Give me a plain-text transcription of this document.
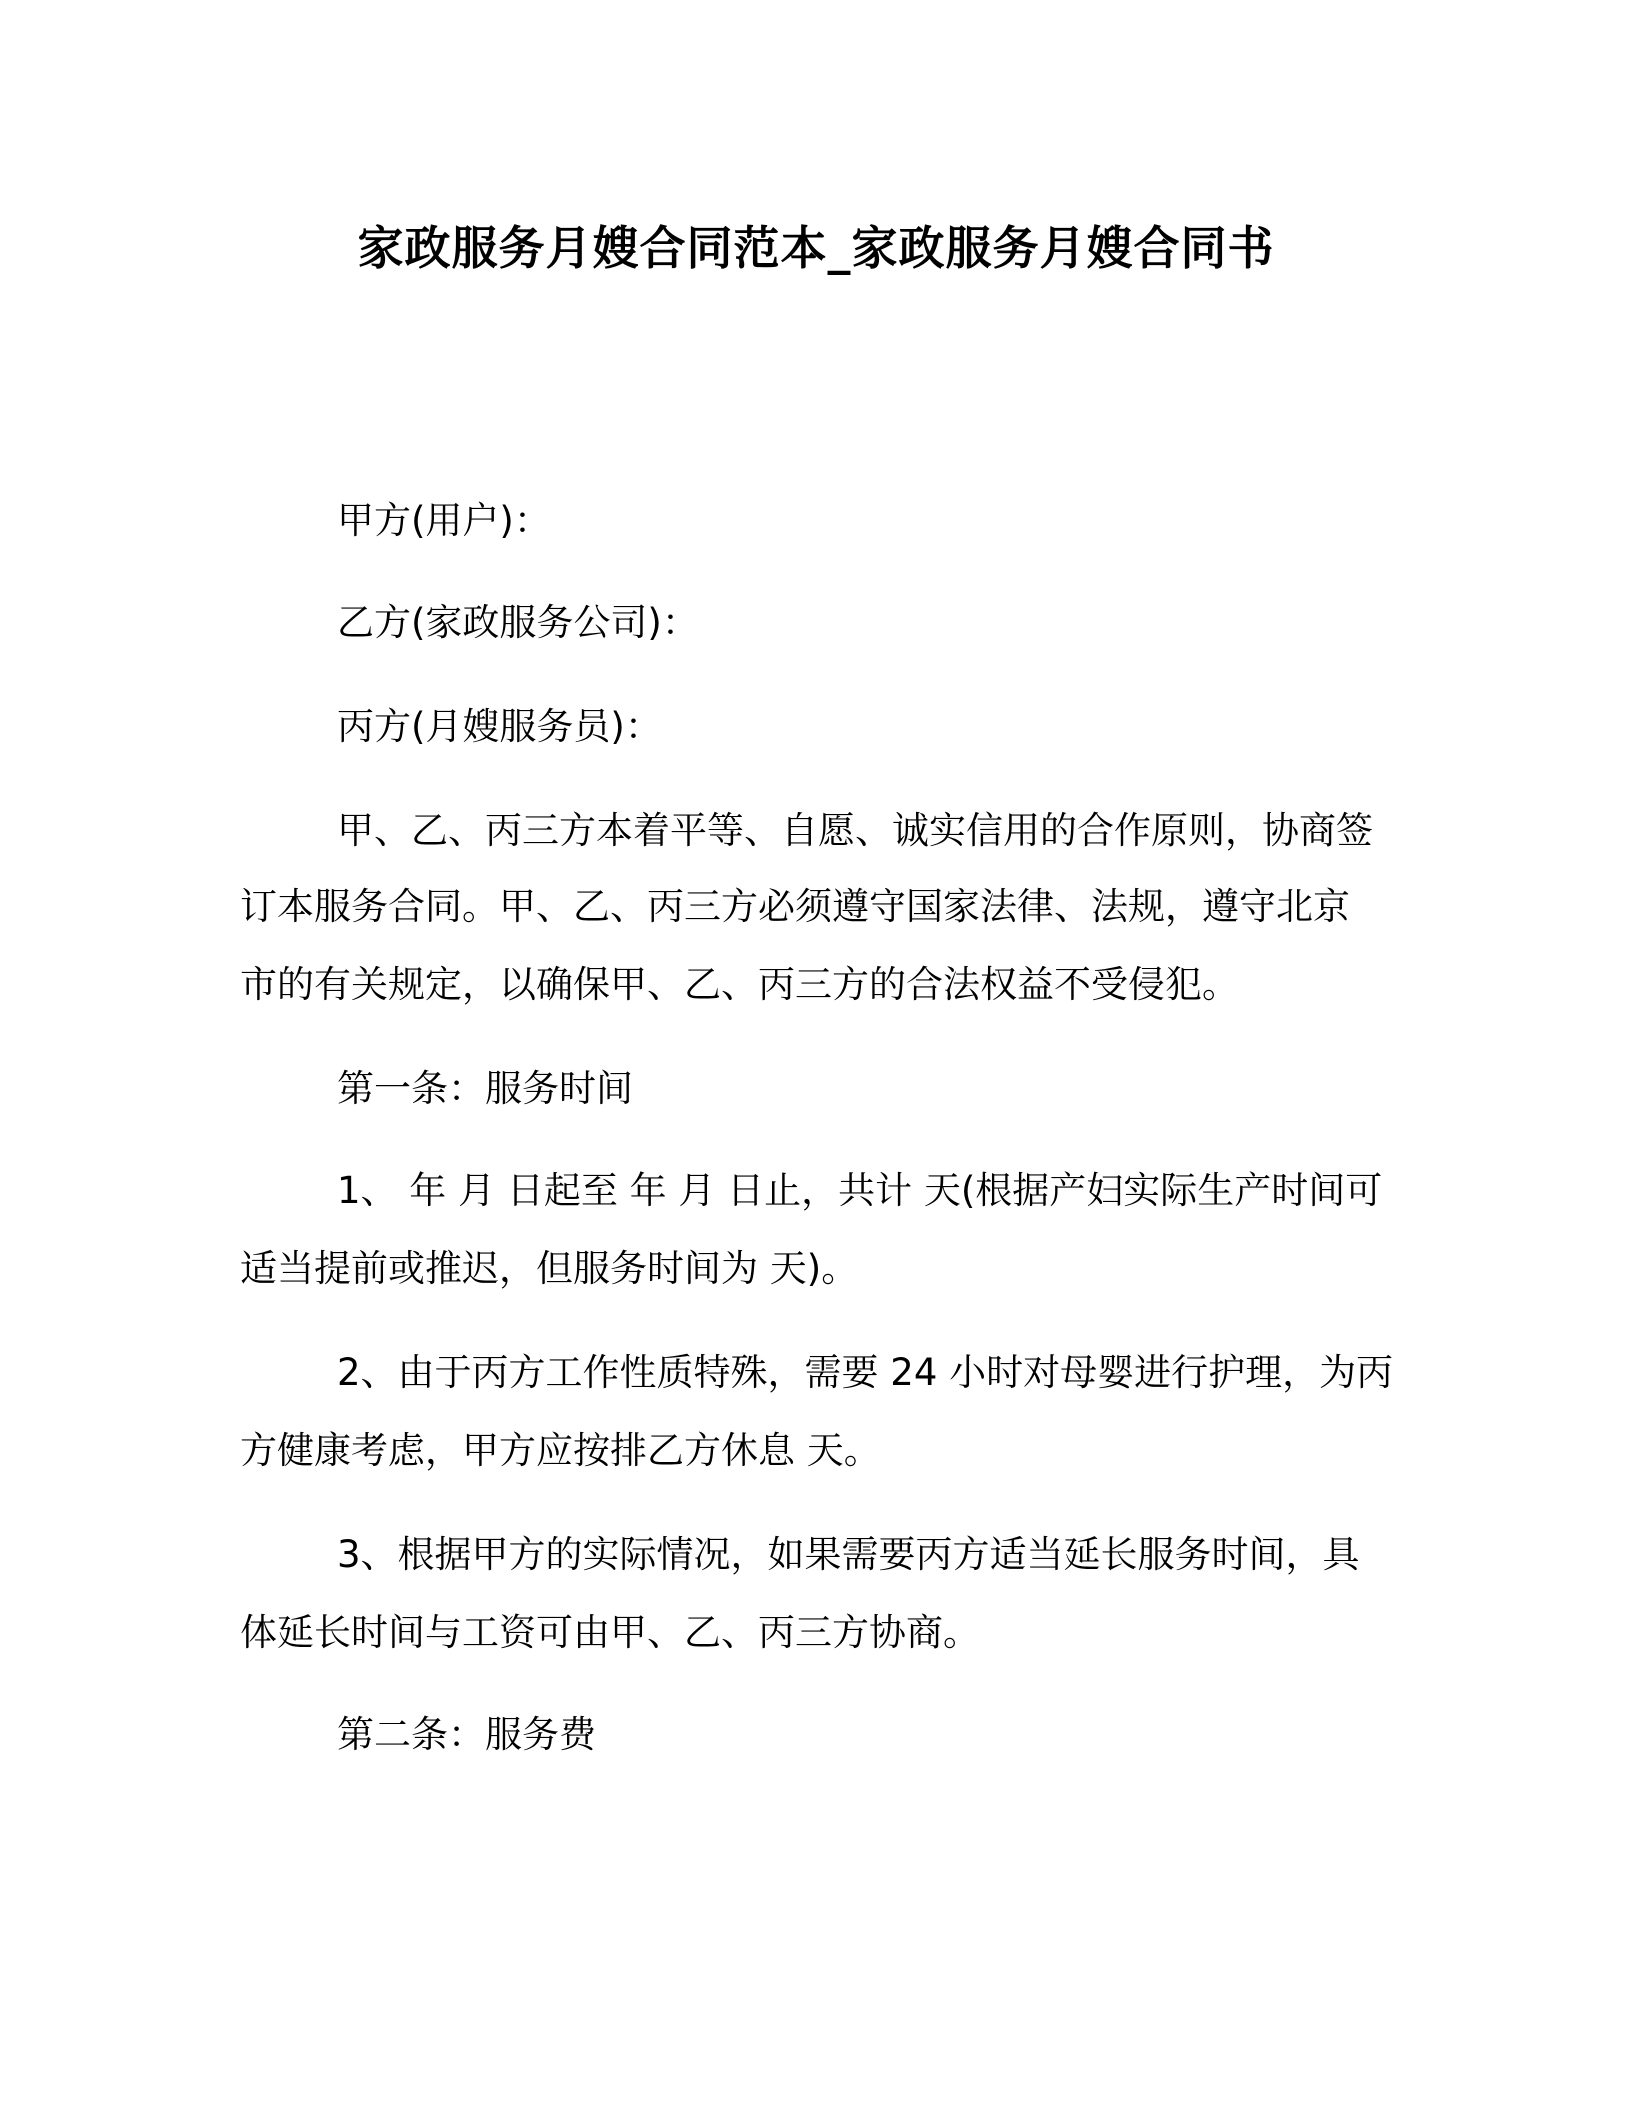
家政服务月嫂合同范本_家政服务月嫂合同书

甲方(用户)：

乙方(家政服务公司)：

丙方(月嫂服务员)：

甲、乙、丙三方本着平等、自愿、诚实信用的合作原则，协商签

订本服务合同。甲、乙、丙三方必须遵守国家法律、法规，遵守北京

市的有关规定，以确保甲、乙、丙三方的合法权益不受侵犯。

第一条：服务时间

1、 年 月 日起至 年 月 日止，共计 天(根据产妇实际生产时间可

适当提前或推迟，但服务时间为 天)。

2、由于丙方工作性质特殊，需要 24 小时对母婴进行护理，为丙

方健康考虑，甲方应按排乙方休息 天。

3、根据甲方的实际情况，如果需要丙方适当延长服务时间，具

体延长时间与工资可由甲、乙、丙三方协商。

第二条：服务费
